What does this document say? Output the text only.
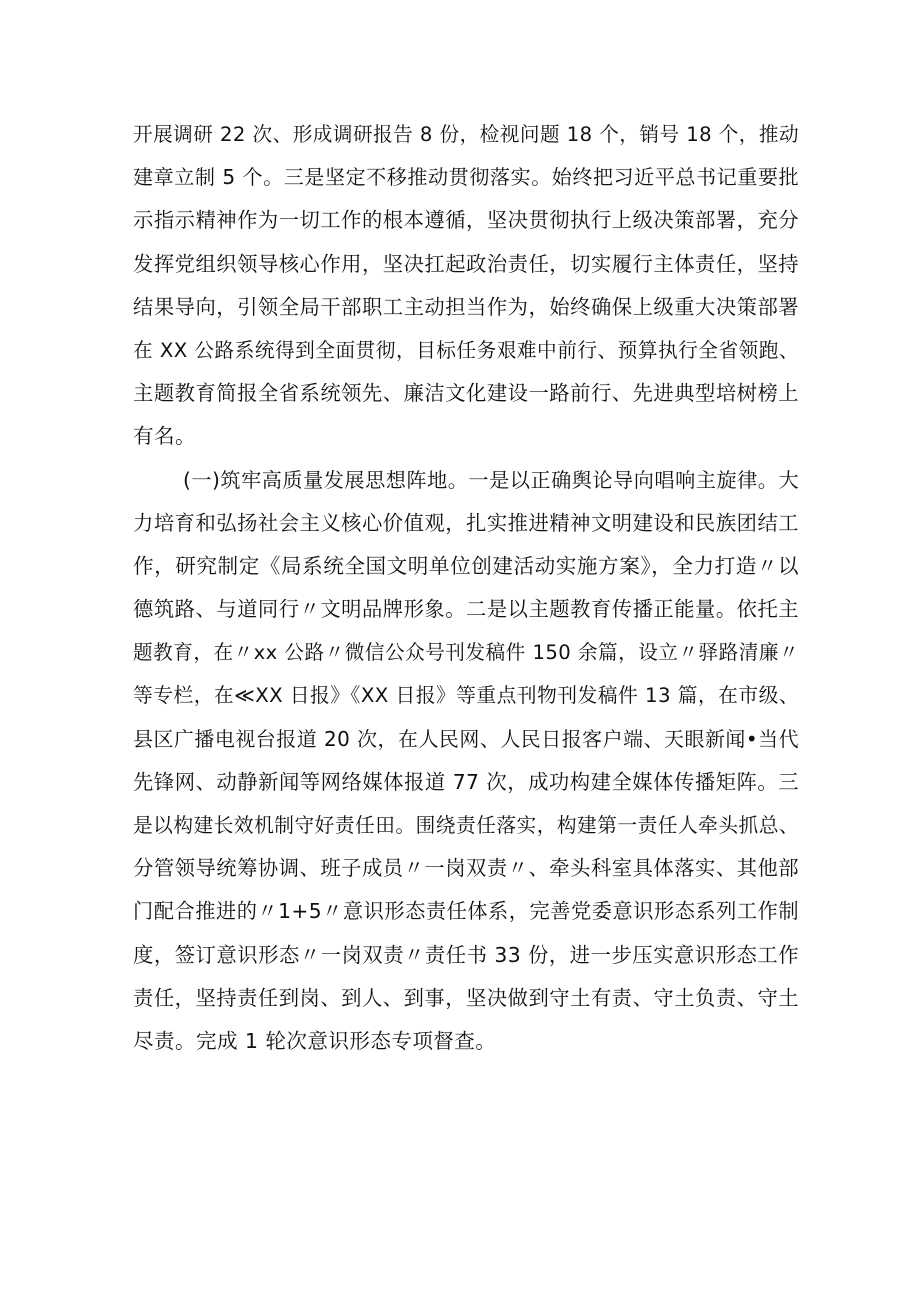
开展调研 22 次、形成调研报告 8 份，检视问题 18 个，销号 18 个，推动
建章立制 5 个。三是坚定不移推动贯彻落实。始终把习近平总书记重要批
示指示精神作为一切工作的根本遵循，坚决贯彻执行上级决策部署，充分
发挥党组织领导核心作用，坚决扛起政治责任，切实履行主体责任，坚持
结果导向，引领全局干部职工主动担当作为，始终确保上级重大决策部署
在 XX 公路系统得到全面贯彻，目标任务艰难中前行、预算执行全省领跑、
主题教育简报全省系统领先、廉洁文化建设一路前行、先进典型培树榜上
有名。
(一)筑牢高质量发展思想阵地。一是以正确舆论导向唱响主旋律。大
力培育和弘扬社会主义核心价值观，扎实推进精神文明建设和民族团结工
作，研究制定《局系统全国文明单位创建活动实施方案》，全力打造〃以
德筑路、与道同行〃文明品牌形象。二是以主题教育传播正能量。依托主
题教育，在〃xx 公路〃微信公众号刊发稿件 150 余篇，设立〃驿路清廉〃
等专栏，在≪XX 日报》《XX 日报》等重点刊物刊发稿件 13 篇，在市级、
县区广播电视台报道 20 次，在人民网、人民日报客户端、天眼新闻•当代
先锋网、动静新闻等网络媒体报道 77 次，成功构建全媒体传播矩阵。三
是以构建长效机制守好责任田。围绕责任落实，构建第一责任人牵头抓总、
分管领导统筹协调、班子成员〃一岗双责〃、牵头科室具体落实、其他部
门配合推进的〃1+5〃意识形态责任体系，完善党委意识形态系列工作制
度，签订意识形态〃一岗双责〃责任书 33 份，进一步压实意识形态工作
责任，坚持责任到岗、到人、到事，坚决做到守土有责、守土负责、守土
尽责。完成 1 轮次意识形态专项督查。
